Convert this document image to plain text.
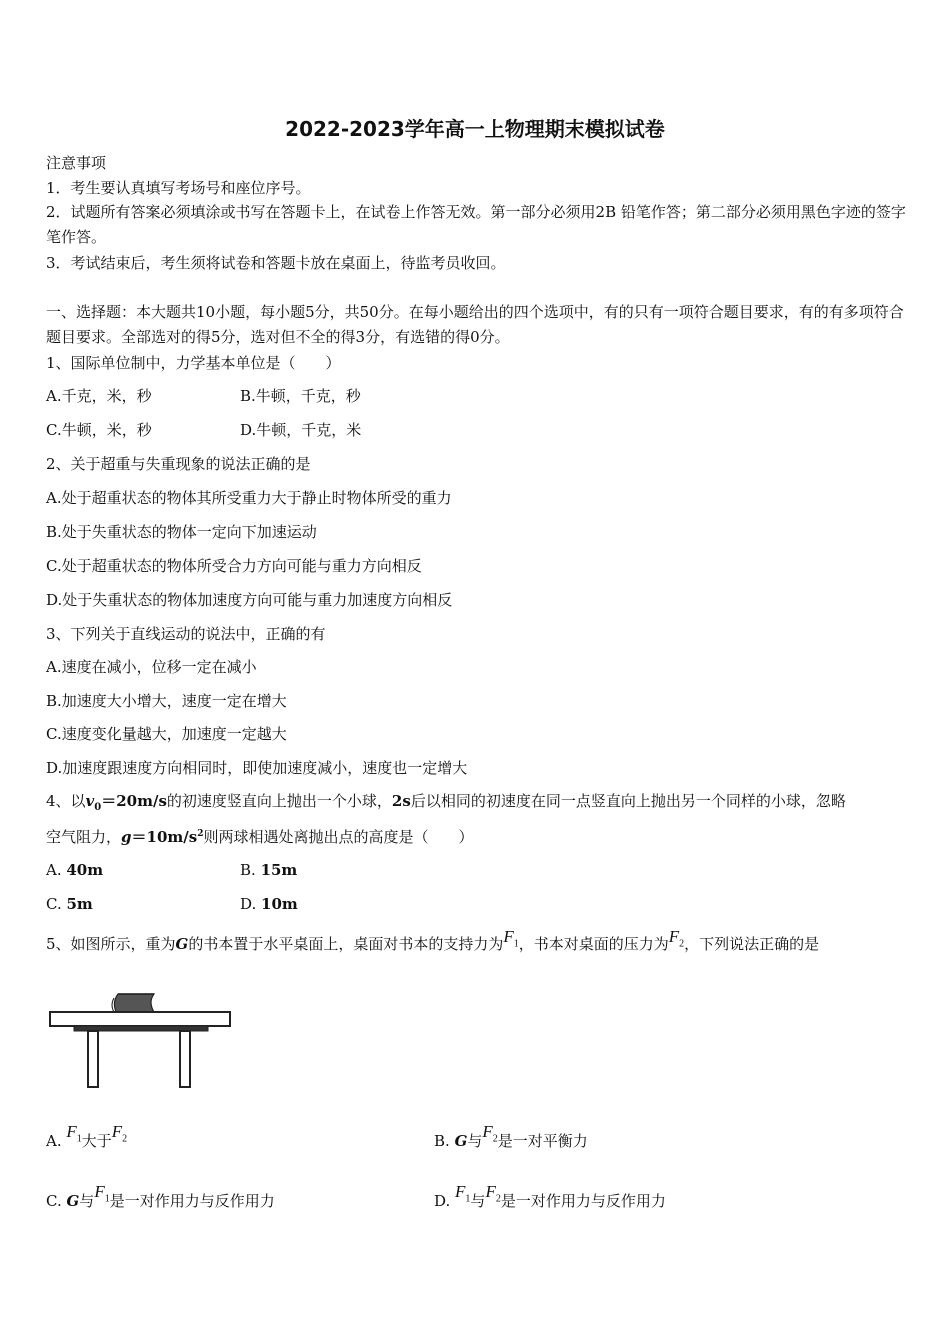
2022-2023学年高一上物理期末模拟试卷
注意事项
1．考生要认真填写考场号和座位序号。
2．试题所有答案必须填涂或书写在答题卡上，在试卷上作答无效。第一部分必须用2B 铅笔作答；第二部分必须用黑色字迹的签字笔作答。
3．考试结束后，考生须将试卷和答题卡放在桌面上，待监考员收回。
一、选择题：本大题共10小题，每小题5分，共50分。在每小题给出的四个选项中，有的只有一项符合题目要求，有的有多项符合题目要求。全部选对的得5分，选对但不全的得3分，有选错的得0分。
1、国际单位制中，力学基本单位是（　　）
A.千克，米，秒	B.牛顿，千克，秒
C.牛顿，米，秒	D.牛顿，千克，米
2、关于超重与失重现象的说法正确的是
A.处于超重状态的物体其所受重力大于静止时物体所受的重力
B.处于失重状态的物体一定向下加速运动
C.处于超重状态的物体所受合力方向可能与重力方向相反
D.处于失重状态的物体加速度方向可能与重力加速度方向相反
3、下列关于直线运动的说法中，正确的有
A.速度在减小，位移一定在减小
B.加速度大小增大，速度一定在增大
C.速度变化量越大，加速度一定越大
D.加速度跟速度方向相同时，即使加速度减小，速度也一定增大
4、以$v_0=20m/s$的初速度竖直向上抛出一个小球，2s后以相同的初速度在同一点竖直向上抛出另一个同样的小球，忽略
空气阻力，$g=10m/s^2$则两球相遇处离抛出点的高度是（　　）
A. 40m	B. 15m
C. 5m	D. 10m
5、如图所示，重为G的书本置于水平桌面上，桌面对书本的支持力为$F_1$，书本对桌面的压力为$F_2$，下列说法正确的是
A. $F_1$大于$F_2$	B. G与$F_2$是一对平衡力
C. G与$F_1$是一对作用力与反作用力	D. $F_1$与$F_2$是一对作用力与反作用力
